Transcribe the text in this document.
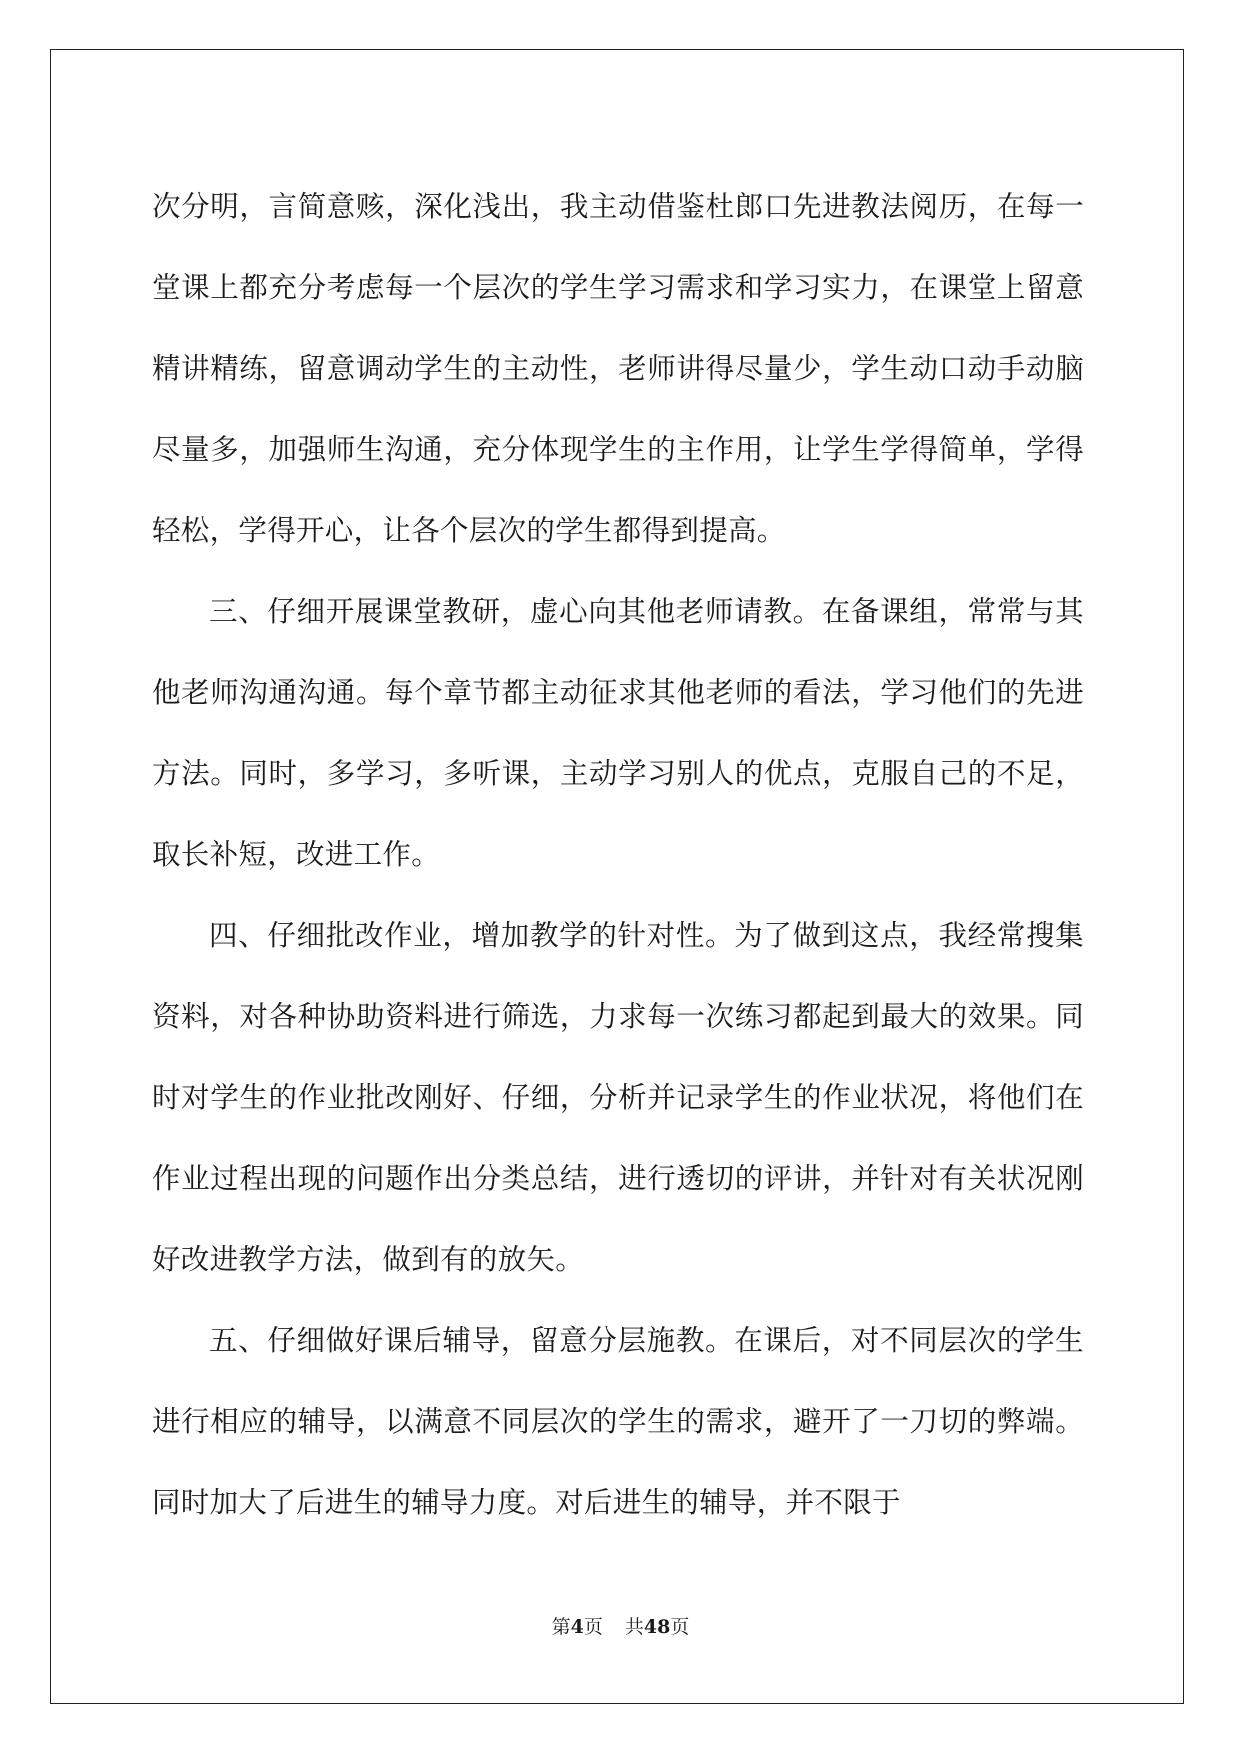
次分明，言简意赅，深化浅出，我主动借鉴杜郎口先进教法阅历，在每一堂课上都充分考虑每一个层次的学生学习需求和学习实力，在课堂上留意精讲精练，留意调动学生的主动性，老师讲得尽量少，学生动口动手动脑尽量多，加强师生沟通，充分体现学生的主作用，让学生学得简单，学得轻松，学得开心，让各个层次的学生都得到提高。

三、仔细开展课堂教研，虚心向其他老师请教。在备课组，常常与其他老师沟通沟通。每个章节都主动征求其他老师的看法，学习他们的先进方法。同时，多学习，多听课，主动学习别人的优点，克服自己的不足，取长补短，改进工作。

四、仔细批改作业，增加教学的针对性。为了做到这点，我经常搜集资料，对各种协助资料进行筛选，力求每一次练习都起到最大的效果。同时对学生的作业批改刚好、仔细，分析并记录学生的作业状况，将他们在作业过程出现的问题作出分类总结，进行透切的评讲，并针对有关状况刚好改进教学方法，做到有的放矢。

五、仔细做好课后辅导，留意分层施教。在课后，对不同层次的学生进行相应的辅导，以满意不同层次的学生的需求，避开了一刀切的弊端。同时加大了后进生的辅导力度。对后进生的辅导，并不限于

第4页 共48页
